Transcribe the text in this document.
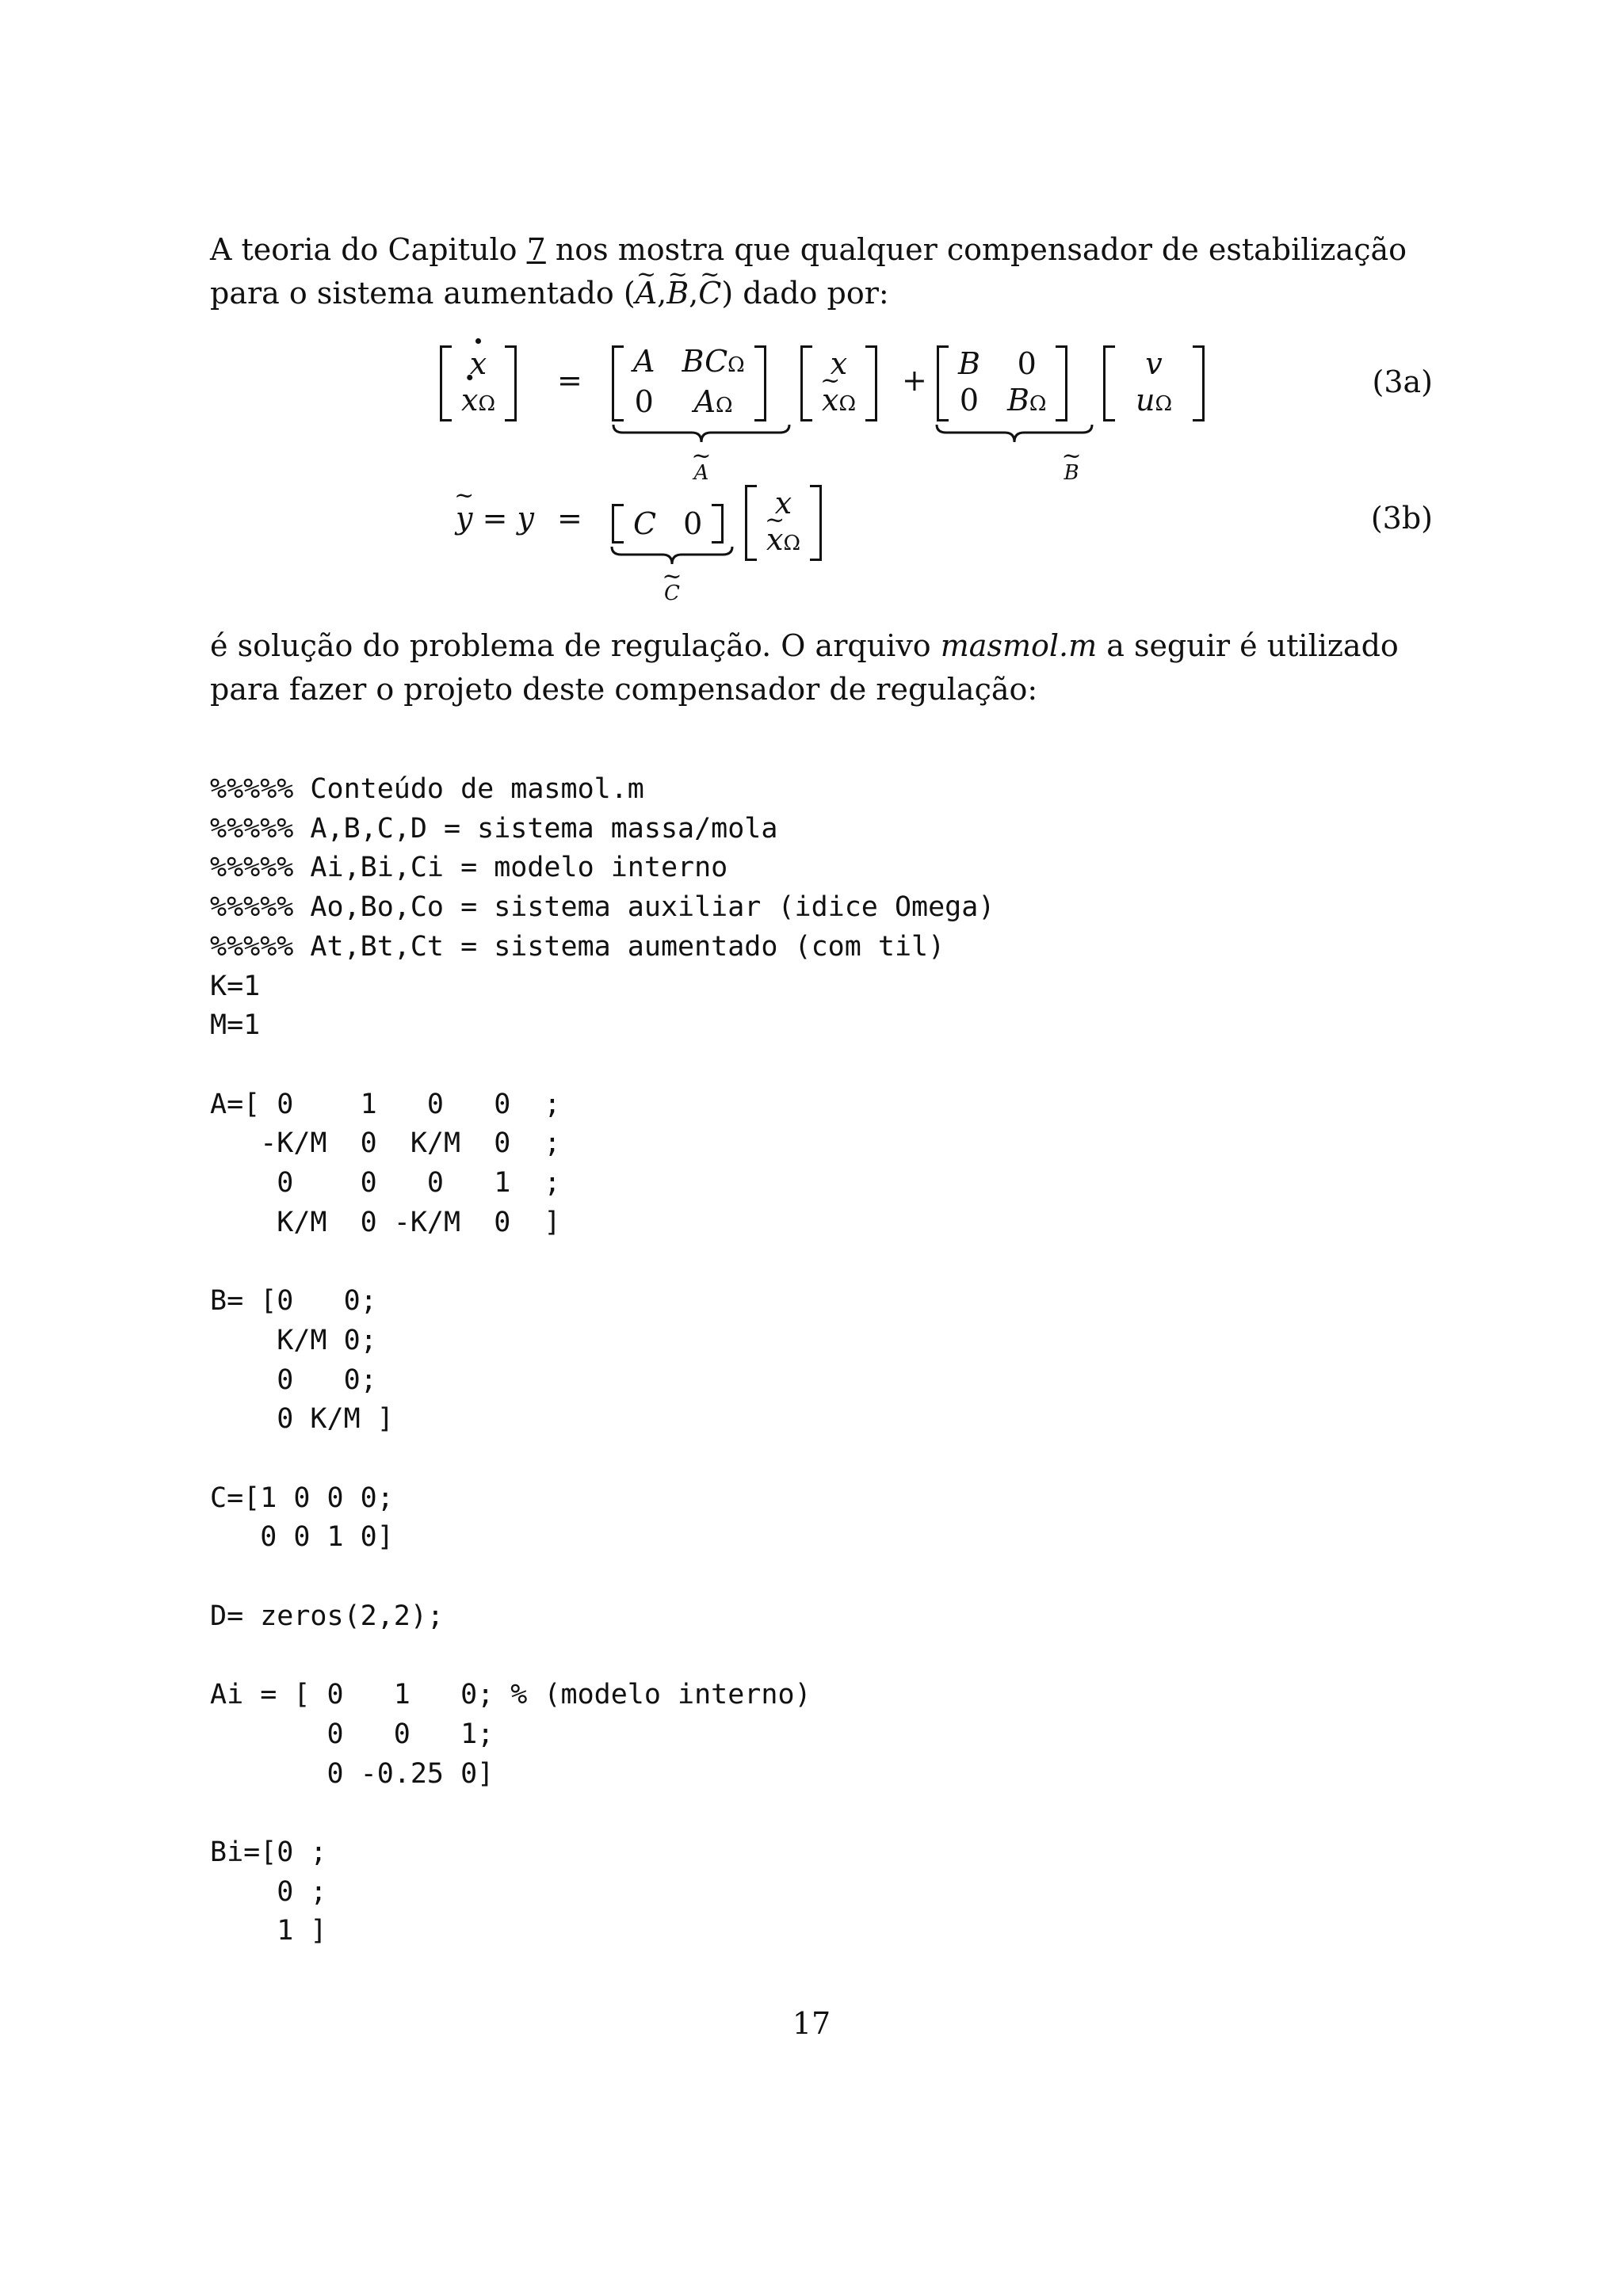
A teoria do Capitulo 7 nos mostra que qualquer compensador de estabilização para o sistema aumentado (~ A,~ B,~ C) dado por:

· x
· xΩ
=
A BCΩ
0 AΩ
~ A
x
~ xΩ
+ B 0
0 BΩ
~ B
v
uΩ
(3a)
~ y = y = C 0
~ C
x
~ xΩ
(3b)

é solução do problema de regulação. O arquivo masmol.m a seguir é utilizado para fazer o projeto deste compensador de regulação:

%%%%% Conteúdo de masmol.m
%%%%% A,B,C,D = sistema massa/mola
%%%%% Ai,Bi,Ci = modelo interno
%%%%% Ao,Bo,Co = sistema auxiliar (idice Omega)
%%%%% At,Bt,Ct = sistema aumentado (com til)
K=1
M=1

A=[ 0    1   0   0  ;
-K/M  0  K/M  0  ;
0    0   0   1  ;
K/M  0 -K/M  0  ]

B= [0   0;
K/M 0;
0   0;
0 K/M ]

C=[1 0 0 0;
0 0 1 0]

D= zeros(2,2);

Ai = [ 0   1   0; % (modelo interno)
0   0   1;
0 -0.25 0]

Bi=[0 ;
0 ;
1 ]
17
